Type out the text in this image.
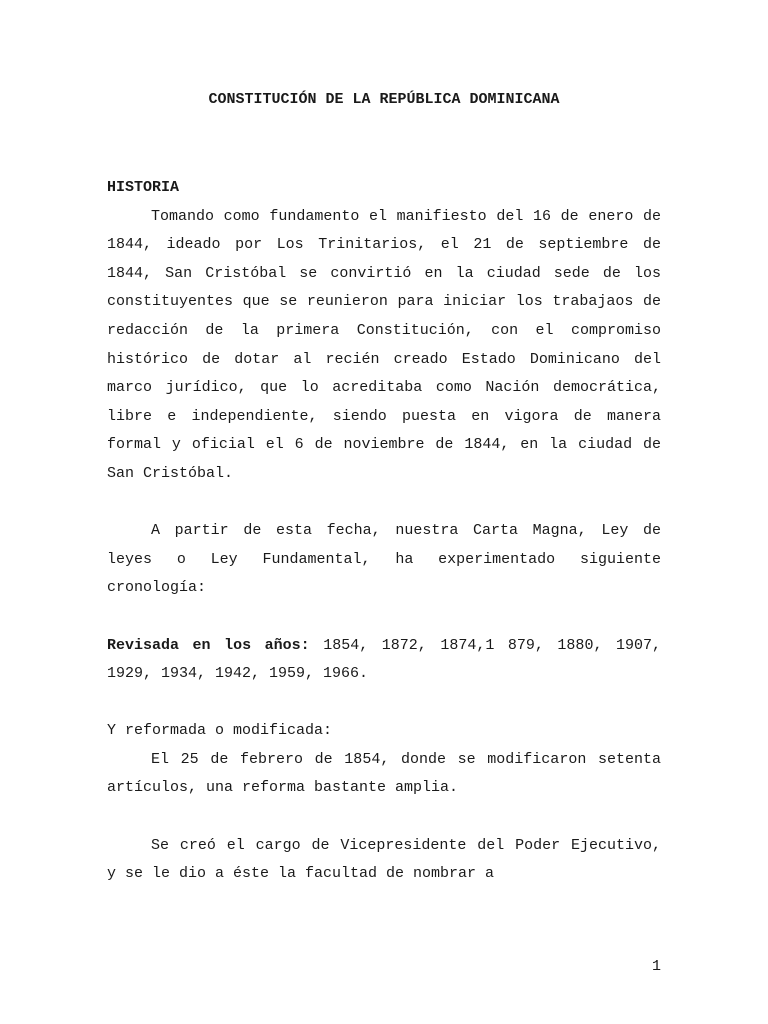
CONSTITUCIÓN DE LA REPÚBLICA DOMINICANA
HISTORIA

Tomando como fundamento el manifiesto del 16 de enero de 1844, ideado por Los Trinitarios, el 21 de septiembre de 1844, San Cristóbal se convirtió en la ciudad sede de los constituyentes que se reunieron para iniciar los trabajaos de redacción de la primera Constitución, con el compromiso histórico de dotar al recién creado Estado Dominicano del marco jurídico, que lo acreditaba como Nación democrática, libre e independiente, siendo puesta en vigora de manera formal y oficial el 6 de noviembre de 1844, en la ciudad de San Cristóbal.

A partir de esta fecha, nuestra Carta Magna, Ley de leyes o Ley Fundamental, ha experimentado siguiente cronología:

Revisada en los años: 1854, 1872, 1874,1 879, 1880, 1907, 1929, 1934, 1942, 1959, 1966.

Y reformada o modificada:

El 25 de febrero de 1854, donde se modificaron setenta artículos, una reforma bastante amplia.

Se creó el cargo de Vicepresidente del Poder Ejecutivo, y se le dio a éste la facultad de nombrar a

1
